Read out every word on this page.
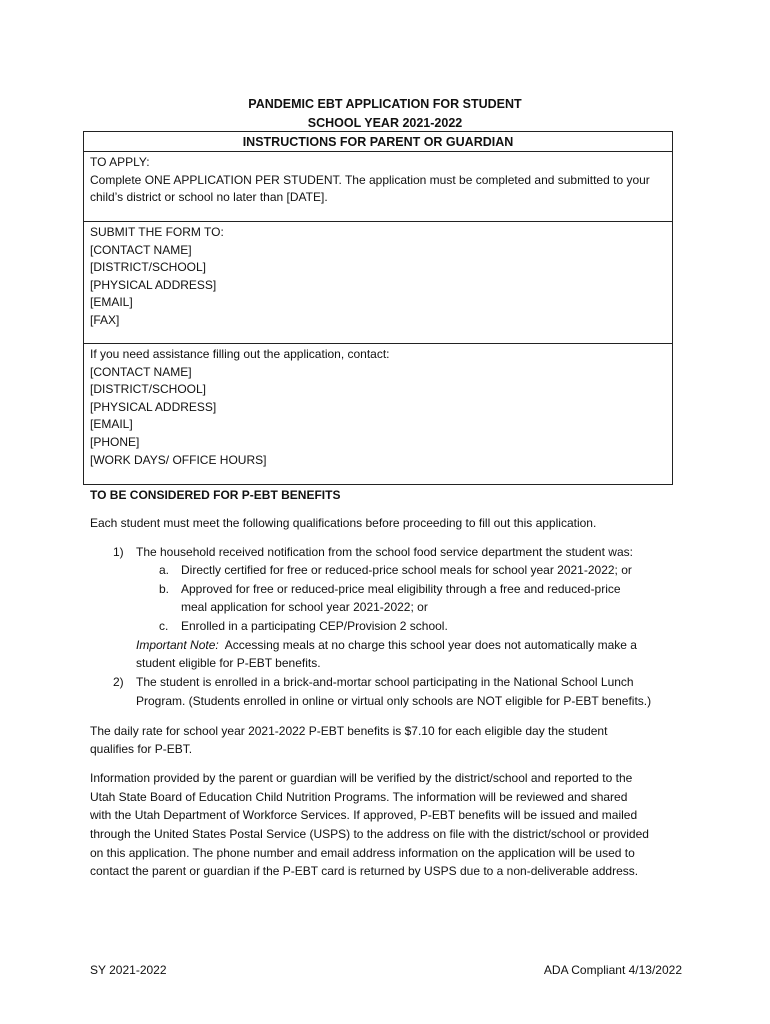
PANDEMIC EBT APPLICATION FOR STUDENT
SCHOOL YEAR 2021-2022
INSTRUCTIONS FOR PARENT OR GUARDIAN
TO APPLY:
Complete ONE APPLICATION PER STUDENT. The application must be completed and submitted to your
child’s district or school no later than [DATE].
SUBMIT THE FORM TO:
[CONTACT NAME]
[DISTRICT/SCHOOL]
[PHYSICAL ADDRESS]
[EMAIL]
[FAX]
If you need assistance filling out the application, contact:
[CONTACT NAME]
[DISTRICT/SCHOOL]
[PHYSICAL ADDRESS]
[EMAIL]
[PHONE]
[WORK DAYS/ OFFICE HOURS]
TO BE CONSIDERED FOR P-EBT BENEFITS
Each student must meet the following qualifications before proceeding to fill out this application.
1) The household received notification from the school food service department the student was:
a. Directly certified for free or reduced-price school meals for school year 2021-2022; or
b. Approved for free or reduced-price meal eligibility through a free and reduced-price
meal application for school year 2021-2022; or
c. Enrolled in a participating CEP/Provision 2 school.
Important Note:  Accessing meals at no charge this school year does not automatically make a
student eligible for P-EBT benefits.
2) The student is enrolled in a brick-and-mortar school participating in the National School Lunch
Program. (Students enrolled in online or virtual only schools are NOT eligible for P-EBT benefits.)
The daily rate for school year 2021-2022 P-EBT benefits is $7.10 for each eligible day the student
qualifies for P-EBT.
Information provided by the parent or guardian will be verified by the district/school and reported to the
Utah State Board of Education Child Nutrition Programs. The information will be reviewed and shared
with the Utah Department of Workforce Services. If approved, P-EBT benefits will be issued and mailed
through the United States Postal Service (USPS) to the address on file with the district/school or provided
on this application. The phone number and email address information on the application will be used to
contact the parent or guardian if the P-EBT card is returned by USPS due to a non-deliverable address.
SY 2021-2022	ADA Compliant 4/13/2022
